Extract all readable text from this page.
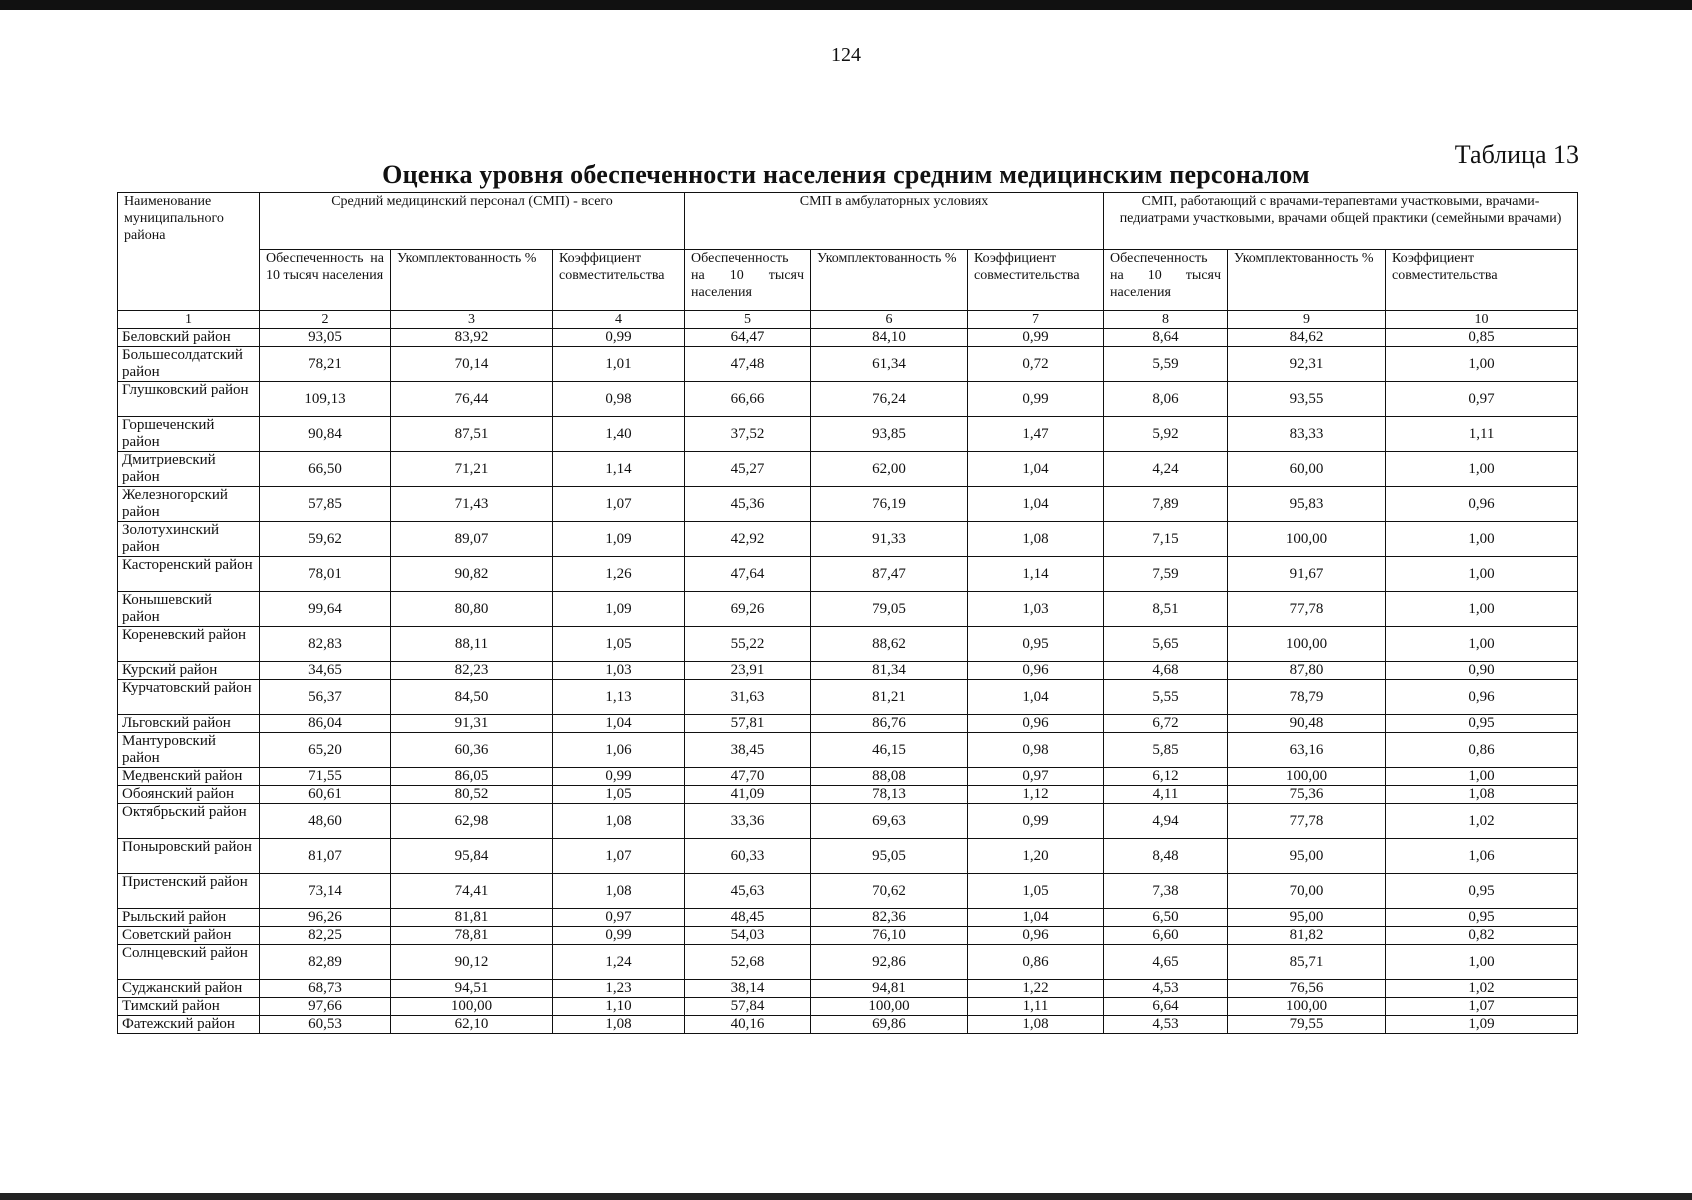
124
Таблица 13
Оценка уровня обеспеченности населения средним медицинским персоналом
Наименование муниципального района	Средний медицинский персонал (СМП) - всего			СМП в амбулаторных условиях			СМП, работающий с врачами-терапевтами участковыми, врачами-педиатрами участковыми, врачами общей практики (семейными врачами)		
	Обеспеченность на 10 тысяч населения	Укомплектованность %	Коэффициент совместительства	Обеспеченность на 10 тысяч населения	Укомплектованность %	Коэффициент совместительства	Обеспеченность на 10 тысяч населения	Укомплектованность %	Коэффициент совместительства
1	2	3	4	5	6	7	8	9	10
Беловский район	93,05	83,92	0,99	64,47	84,10	0,99	8,64	84,62	0,85
Большесолдатский район	78,21	70,14	1,01	47,48	61,34	0,72	5,59	92,31	1,00
Глушковский район	109,13	76,44	0,98	66,66	76,24	0,99	8,06	93,55	0,97
Горшеченский район	90,84	87,51	1,40	37,52	93,85	1,47	5,92	83,33	1,11
Дмитриевский район	66,50	71,21	1,14	45,27	62,00	1,04	4,24	60,00	1,00
Железногорский район	57,85	71,43	1,07	45,36	76,19	1,04	7,89	95,83	0,96
Золотухинский район	59,62	89,07	1,09	42,92	91,33	1,08	7,15	100,00	1,00
Касторенский район	78,01	90,82	1,26	47,64	87,47	1,14	7,59	91,67	1,00
Конышевский район	99,64	80,80	1,09	69,26	79,05	1,03	8,51	77,78	1,00
Кореневский район	82,83	88,11	1,05	55,22	88,62	0,95	5,65	100,00	1,00
Курский район	34,65	82,23	1,03	23,91	81,34	0,96	4,68	87,80	0,90
Курчатовский район	56,37	84,50	1,13	31,63	81,21	1,04	5,55	78,79	0,96
Льговский район	86,04	91,31	1,04	57,81	86,76	0,96	6,72	90,48	0,95
Мантуровский район	65,20	60,36	1,06	38,45	46,15	0,98	5,85	63,16	0,86
Медвенский район	71,55	86,05	0,99	47,70	88,08	0,97	6,12	100,00	1,00
Обоянский район	60,61	80,52	1,05	41,09	78,13	1,12	4,11	75,36	1,08
Октябрьский район	48,60	62,98	1,08	33,36	69,63	0,99	4,94	77,78	1,02
Поныровский район	81,07	95,84	1,07	60,33	95,05	1,20	8,48	95,00	1,06
Пристенский район	73,14	74,41	1,08	45,63	70,62	1,05	7,38	70,00	0,95
Рыльский район	96,26	81,81	0,97	48,45	82,36	1,04	6,50	95,00	0,95
Советский район	82,25	78,81	0,99	54,03	76,10	0,96	6,60	81,82	0,82
Солнцевский район	82,89	90,12	1,24	52,68	92,86	0,86	4,65	85,71	1,00
Суджанский район	68,73	94,51	1,23	38,14	94,81	1,22	4,53	76,56	1,02
Тимский район	97,66	100,00	1,10	57,84	100,00	1,11	6,64	100,00	1,07
Фатежский район	60,53	62,10	1,08	40,16	69,86	1,08	4,53	79,55	1,09
